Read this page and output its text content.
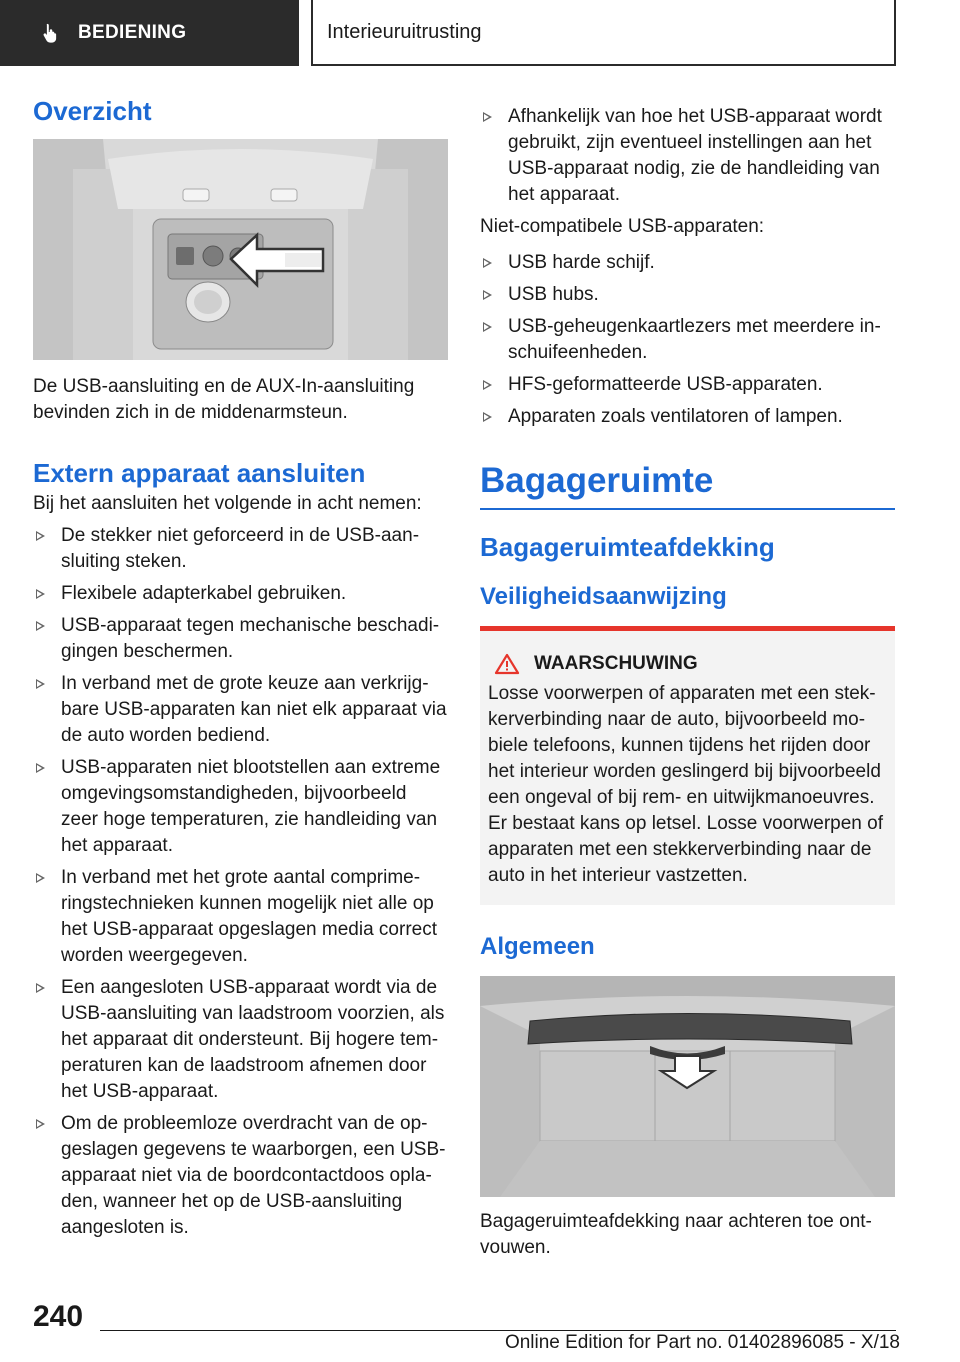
BEDIENING	Interieuruitrusting
Overzicht

De USB-aansluiting en de AUX-In-aansluiting bevinden zich in de middenarmsteun.

Extern apparaat aansluiten

Bij het aansluiten het volgende in acht nemen:

De stekker niet geforceerd in de USB-aansluiting steken.
Flexibele adapterkabel gebruiken.
USB-apparaat tegen mechanische beschadigingen beschermen.
In verband met de grote keuze aan verkrijgbare USB-apparaten kan niet elk apparaat via de auto worden bediend.
USB-apparaten niet blootstellen aan extreme omgevingsomstandigheden, bijvoorbeeld zeer hoge temperaturen, zie handleiding van het apparaat.
In verband met het grote aantal comprimeringstechnieken kunnen mogelijk niet alle op het USB-apparaat opgeslagen media correct worden weergegeven.
Een aangesloten USB-apparaat wordt via de USB-aansluiting van laadstroom voorzien, als het apparaat dit ondersteunt. Bij hogere temperaturen kan de laadstroom afnemen door het USB-apparaat.
Om de probleemloze overdracht van de opgeslagen gegevens te waarborgen, een USB-apparaat niet via de boordcontactdoos opladen, wanneer het op de USB-aansluiting aangesloten is.
Afhankelijk van hoe het USB-apparaat wordt gebruikt, zijn eventueel instellingen aan het USB-apparaat nodig, zie de handleiding van het apparaat.

Niet-compatibele USB-apparaten:

USB harde schijf.
USB hubs.
USB-geheugenkaartlezers met meerdere inschuifeenheden.
HFS-geformatteerde USB-apparaten.
Apparaten zoals ventilatoren of lampen.
Bagageruimte
Bagageruimteafdekking
Veiligheidsaanwijzing
WAARSCHUWING

Losse voorwerpen of apparaten met een stekkerverbinding naar de auto, bijvoorbeeld mobiele telefoons, kunnen tijdens het rijden door het interieur worden geslingerd bij bijvoorbeeld een ongeval of bij rem- en uitwijkmanoeuvres. Er bestaat kans op letsel. Losse voorwerpen of apparaten met een stekkerverbinding naar de auto in het interieur vastzetten.

Algemeen

Bagageruimteafdekking naar achteren toe ontvouwen.

240
Online Edition for Part no. 01402896085 - X/18
